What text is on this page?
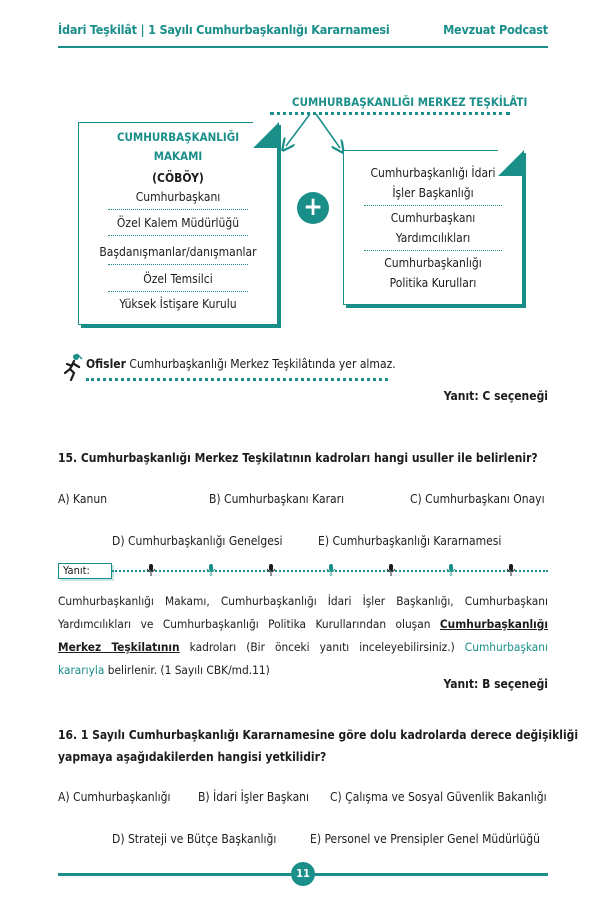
İdari Teşkilât | 1 Sayılı Cumhurbaşkanlığı Kararnamesi	Mevzuat Podcast
CUMHURBAŞKANLIĞI MERKEZ TEŞKİLÂTI
CUMHURBAŞKANLIĞI
MAKAMI
(CÖBÖY)
Cumhurbaşkanı
Özel Kalem Müdürlüğü
Başdanışmanlar/danışmanlar
Özel Temsilci
Yüksek İstişare Kurulu
+
Cumhurbaşkanlığı İdari
İşler Başkanlığı
Cumhurbaşkanı
Yardımcılıkları
Cumhurbaşkanlığı
Politika Kurulları
Ofisler Cumhurbaşkanlığı Merkez Teşkilâtında yer almaz.
Yanıt: C seçeneği
15. Cumhurbaşkanlığı Merkez Teşkilatının kadroları hangi usuller ile belirlenir?
A) Kanun	B) Cumhurbaşkanı Kararı	C) Cumhurbaşkanı Onayı
D) Cumhurbaşkanlığı Genelgesi	E) Cumhurbaşkanlığı Kararnamesi
Yanıt:
Cumhurbaşkanlığı Makamı, Cumhurbaşkanlığı İdari İşler Başkanlığı, Cumhurbaşkanı Yardımcılıkları ve Cumhurbaşkanlığı Politika Kurullarından oluşan Cumhurbaşkanlığı Merkez Teşkilatının kadroları (Bir önceki yanıtı inceleyebilirsiniz.) Cumhurbaşkanı kararıyla belirlenir. (1 Sayılı CBK/md.11)
Yanıt: B seçeneği
16. 1 Sayılı Cumhurbaşkanlığı Kararnamesine göre dolu kadrolarda derece değişikliği
yapmaya aşağıdakilerden hangisi yetkilidir?
A) Cumhurbaşkanlığı B) İdari İşler Başkanı C) Çalışma ve Sosyal Güvenlik Bakanlığı
D) Strateji ve Bütçe Başkanlığı	E) Personel ve Prensipler Genel Müdürlüğü
11
